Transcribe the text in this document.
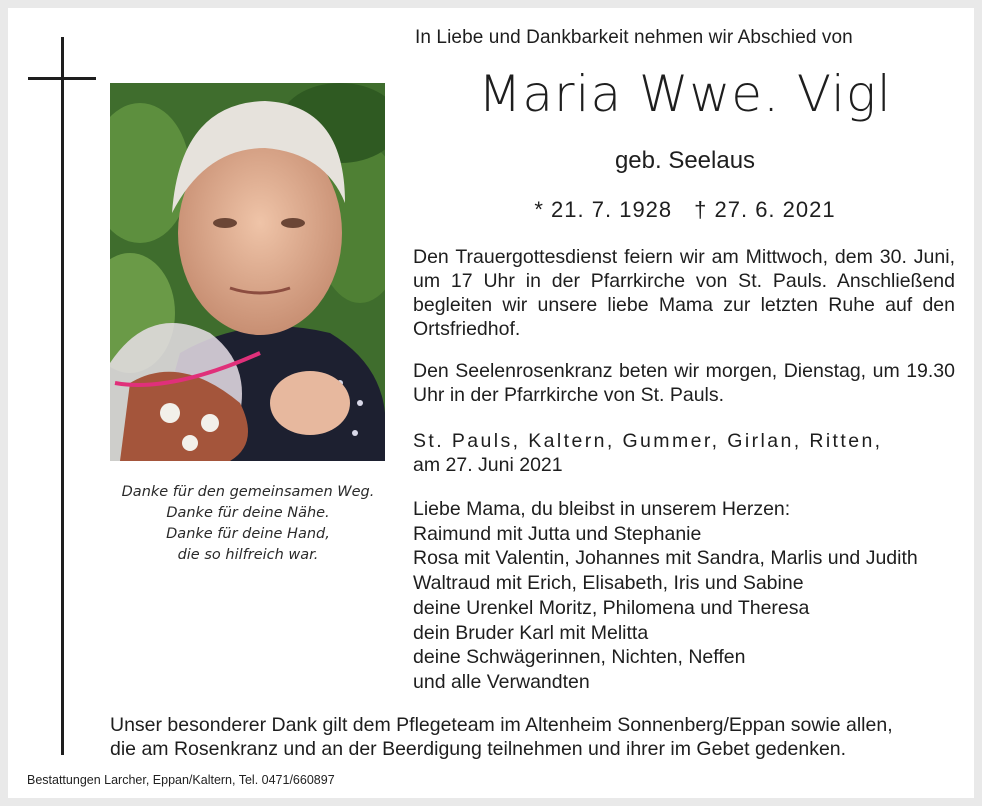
Danke für den gemeinsamen Weg.
Danke für deine Nähe.
Danke für deine Hand,
die so hilfreich war.
In Liebe und Dankbarkeit nehmen wir Abschied von
Maria Wwe. Vigl
geb. Seelaus
* 21. 7. 1928 † 27. 6. 2021
Den Trauergottesdienst feiern wir am Mittwoch, dem 30. Juni, um 17 Uhr in der Pfarrkirche von St. Pauls. Anschließend begleiten wir unsere liebe Mama zur letzten Ruhe auf den Ortsfriedhof.
Den Seelenrosenkranz beten wir morgen, Dienstag, um 19.30 Uhr in der Pfarrkirche von St. Pauls.
St. Pauls, Kaltern, Gummer, Girlan, Ritten,
am 27. Juni 2021
Liebe Mama, du bleibst in unserem Herzen:
Raimund mit Jutta und Stephanie
Rosa mit Valentin, Johannes mit Sandra, Marlis und Judith
Waltraud mit Erich, Elisabeth, Iris und Sabine
deine Urenkel Moritz, Philomena und Theresa
dein Bruder Karl mit Melitta
deine Schwägerinnen, Nichten, Neffen
und alle Verwandten
Unser besonderer Dank gilt dem Pflegeteam im Altenheim Sonnenberg/Eppan sowie allen,
die am Rosenkranz und an der Beerdigung teilnehmen und ihrer im Gebet gedenken.
Bestattungen Larcher, Eppan/Kaltern, Tel. 0471/660897
